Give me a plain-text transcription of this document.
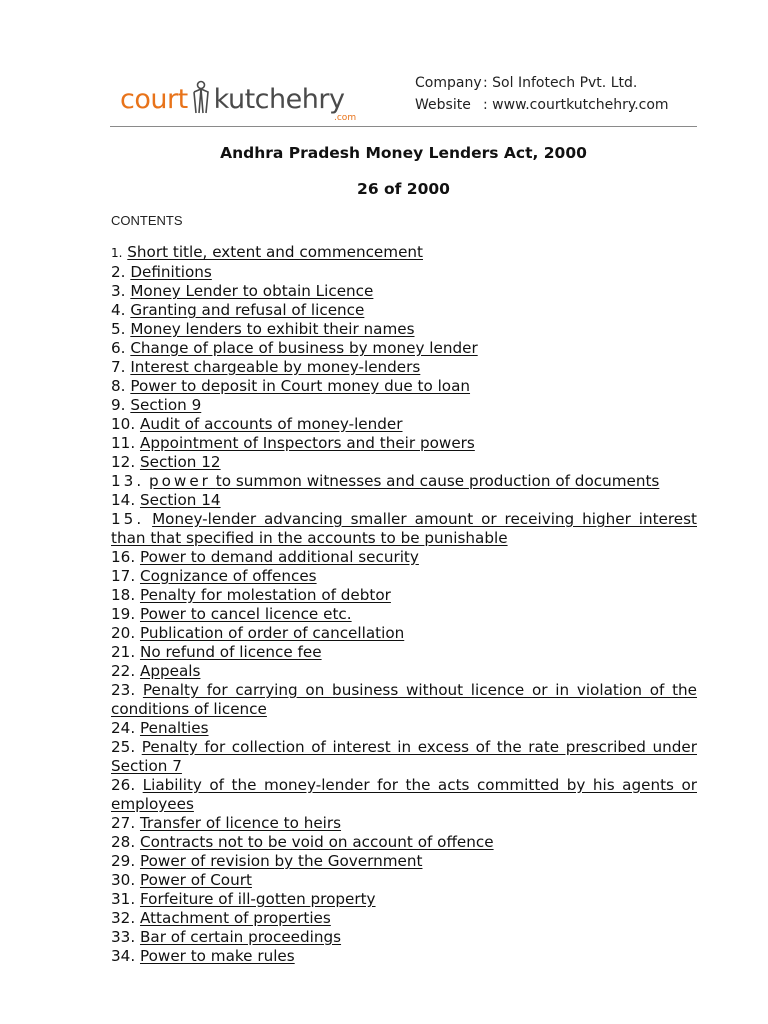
court kutchehry
.com
Company: Sol Infotech Pvt. Ltd.
Website : www.courtkutchehry.com
Andhra Pradesh Money Lenders Act, 2000
26 of 2000
CONTENTS
1. Short title, extent and commencement
2. Definitions
3. Money Lender to obtain Licence
4. Granting and refusal of licence
5. Money lenders to exhibit their names
6. Change of place of business by money lender
7. Interest chargeable by money-lenders
8. Power to deposit in Court money due to loan
9. Section 9
10. Audit of accounts of money-lender
11. Appointment of Inspectors and their powers
12. Section 12
13. power to summon witnesses and cause production of documents
14. Section 14
15. Money-lender advancing smaller amount or receiving higher interest than that specified in the accounts to be punishable
16. Power to demand additional security
17. Cognizance of offences
18. Penalty for molestation of debtor
19. Power to cancel licence etc.
20. Publication of order of cancellation
21. No refund of licence fee
22. Appeals
23. Penalty for carrying on business without licence or in violation of the conditions of licence
24. Penalties
25. Penalty for collection of interest in excess of the rate prescribed under Section 7
26. Liability of the money-lender for the acts committed by his agents or employees
27. Transfer of licence to heirs
28. Contracts not to be void on account of offence
29. Power of revision by the Government
30. Power of Court
31. Forfeiture of ill-gotten property
32. Attachment of properties
33. Bar of certain proceedings
34. Power to make rules
